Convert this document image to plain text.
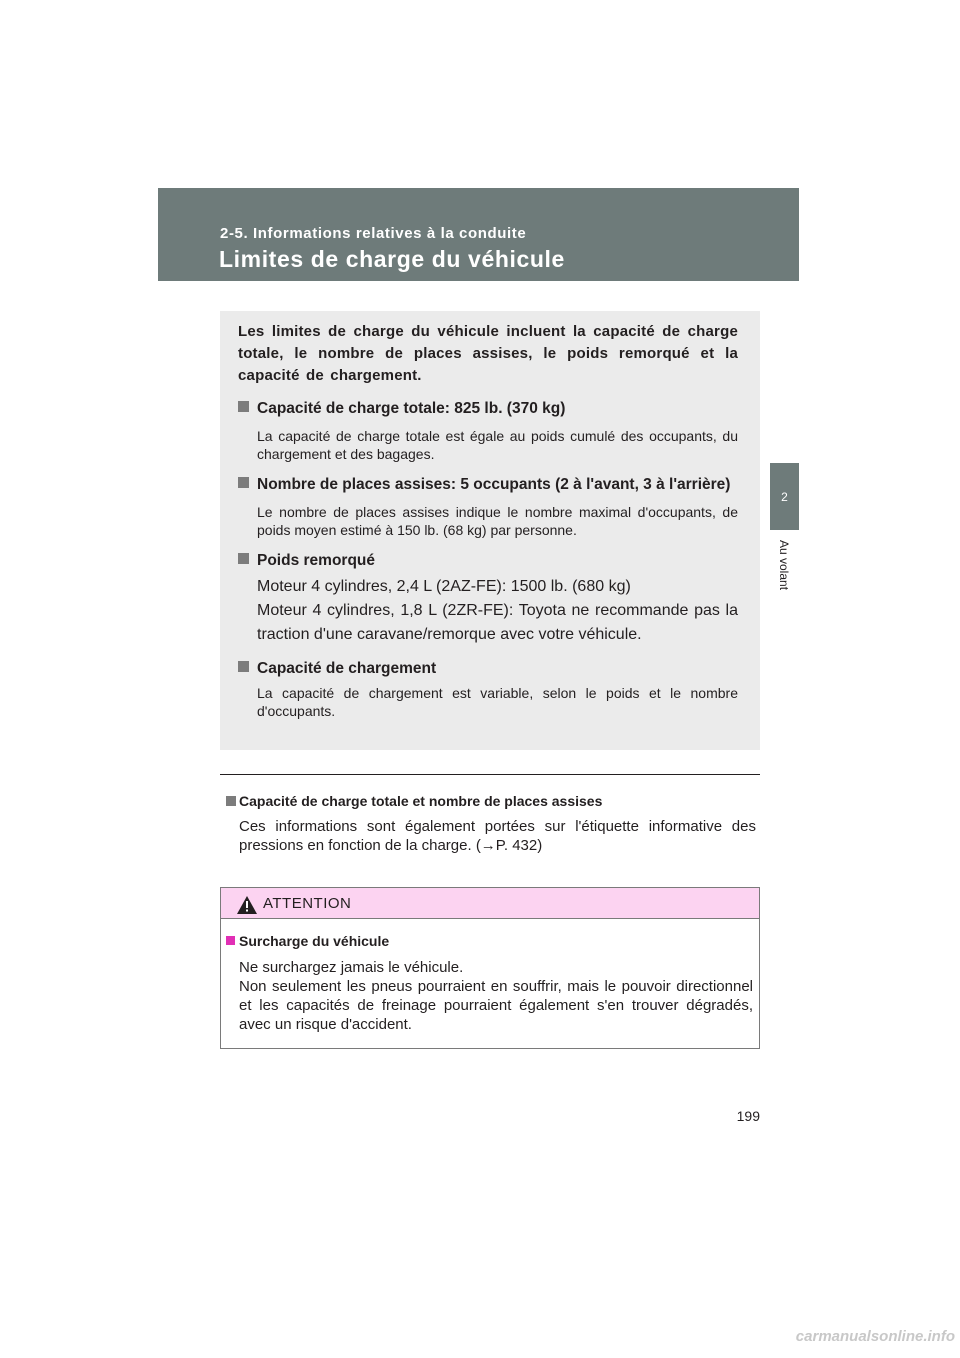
2-5. Informations relatives à la conduite
Limites de charge du véhicule
2
Au volant

Les limites de charge du véhicule incluent la capacité de charge totale, le nombre de places assises, le poids remorqué et la capacité de chargement.

Capacité de charge totale: 825 lb. (370 kg)

La capacité de charge totale est égale au poids cumulé des occupants, du chargement et des bagages.

Nombre de places assises: 5 occupants (2 à l'avant, 3 à l'arrière)

Le nombre de places assises indique le nombre maximal d'occupants, de poids moyen estimé à 150 lb. (68 kg) par personne.

Poids remorqué

Moteur 4 cylindres, 2,4 L (2AZ-FE): 1500 lb. (680 kg)

Moteur 4 cylindres, 1,8 L (2ZR-FE): Toyota ne recommande pas la traction d'une caravane/remorque avec votre véhicule.

Capacité de chargement

La capacité de chargement est variable, selon le poids et le nombre d'occupants.

Capacité de charge totale et nombre de places assises

Ces informations sont également portées sur l'étiquette informative des pressions en fonction de la charge. (→P. 432)

ATTENTION

Surcharge du véhicule

Ne surchargez jamais le véhicule.

Non seulement les pneus pourraient en souffrir, mais le pouvoir directionnel et les capacités de freinage pourraient également s'en trouver dégradés, avec un risque d'accident.

199
carmanualsonline.info
